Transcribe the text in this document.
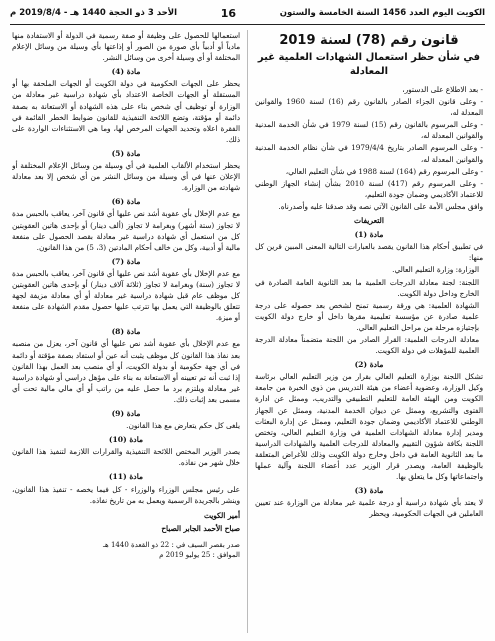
الكويت اليوم العدد 1456 السنة الخامسة والستون
16
الأحد 3 ذو الحجة 1440 هـ - 2019/8/4 م
قانون رقم (78) لسنة 2019
في شأن حظر استعمال الشهادات العلمية غير المعادلة
- بعد الاطلاع على الدستور،
- وعلى قانون الجزاء الصادر بالقانون رقم (16) لسنة 1960 والقوانين المعدلة له،
- وعلى المرسوم بالقانون رقم (15) لسنة 1979 في شأن الخدمة المدنية والقوانين المعدلة له،
- وعلى المرسوم الصادر بتاريخ 1979/4/4 في شأن نظام الخدمة المدنية والقوانين المعدلة له،
- وعلى المرسوم رقم (164) لسنة 1988 في شأن التعليم العالي،
- وعلى المرسوم رقم (417) لسنة 2010 بشأن إنشاء الجهاز الوطني للاعتماد الأكاديمي وضمان جودة التعليم،
وافق مجلس الأمة على القانون الآتي نصه وقد صدقنا عليه وأصدرناه.
التعريفات
مادة (1)
في تطبيق أحكام هذا القانون يقصد بالعبارات التالية المعنى المبين قرين كل منها:
الوزارة: وزارة التعليم العالي.
اللجنة: لجنة معادلة الدرجات العلمية ما بعد الثانوية العامة الصادرة في الخارج وداخل دولة الكويت.
الشهادة العلمية: هي ورقة رسمية تمنح لشخص بعد حصوله على درجة علمية صادرة عن مؤسسة تعليمية مقرها داخل أو خارج دولة الكويت بإجتيازه مرحلة من مراحل التعليم العالي.
معادلة الدرجات العلمية: القرار الصادر من اللجنة متضمناً معادلة الدرجة العلمية للمؤهلات في دولة الكويت.
مادة (2)
تشكل اللجنة بوزارة التعليم العالي بقرار من وزير التعليم العالي برئاسة وكيل الوزارة، وعضوية أعضاء من هيئة التدريس من ذوي الخبرة من جامعة الكويت ومن الهيئة العامة للتعليم التطبيقي والتدريب، وممثل عن ادارة الفتوى والتشريع، وممثل عن ديوان الخدمة المدنية، وممثل عن الجهاز الوطني للاعتماد الأكاديمي وضمان جودة التعليم، وممثل عن إدارة البعثات ومدير إدارة معادلة الشهادات العلمية في وزارة التعليم العالي، وتختص اللجنة بكافة شؤون التقييم والمعادلة للدرجات العلمية والشهادات الدراسية ما بعد الثانوية العامة في داخل وخارج دولة الكويت وذلك للأغراض المتعلقة بالوظيفة العامة، ويصدر قرار الوزير عدد أعضاء اللجنة وآلية عملها واجتماعاتها وكل ما يتعلق بها.
مادة (3)
لا يعتد بأي شهادة دراسية أو درجة علمية غير معادلة من الوزارة عند تعيين العاملين في الجهات الحكومية، ويحظر
استعمالها للحصول على وظيفة أو صفة رسمية في الدولة أو الاستفادة منها مادياً أو أدبياً بأي صورة من الصور أو إذاعتها بأي وسيلة من وسائل الإعلام المختلفة أو أي وسيلة أخرى من وسائل النشر.
مادة (4)
يحظر على الجهات الحكومية في دولة الكويت أو الجهات الملحقة بها أو المستقلة أو الجهات الخاصة الاعتداد بأي شهادة دراسية غير معادلة من الوزارة أو توظيف أي شخص بناء على هذه الشهادة أو الاستعانة به بصفة دائمة أو مؤقتة، وتضع اللائحة التنفيذية للقانون ضوابط الخطر القائمة في الفقرة اعلاه وتحديد الجهات المرخص لها، وما هي الاستثناءات الواردة على ذلك.
مادة (5)
يحظر استخدام الألقاب العلمية في أي وسيلة من وسائل الإعلام المختلفة أو الإعلان عنها في أي وسيلة من وسائل النشر من أي شخص إلا بعد معادلة شهادته من الوزارة.
مادة (6)
مع عدم الإخلال بأي عقوبة أشد نص عليها أي قانون آخر، يعاقب بالحبس مدة لا تجاوز (ستة أشهر) وبغرامة لا تجاوز (ألف دينار) أو بإحدى هاتين العقوبتين كل من استعمل أي شهادة دراسية غير معادلة بقصد الحصول على منفعة مالية أو أدبية، وكل من خالف أحكام المادتين (3، 5) من هذا القانون.
مادة (7)
مع عدم الإخلال بأي عقوبة أشد نص عليها أي قانون آخر، يعاقب بالحبس مدة لا تجاوز (سنة) وبغرامة لا تجاوز (ثلاثة آلاف دينار) أو بإحدى هاتين العقوبتين كل موظف عام قبل شهادة دراسية غير معادلة أو أي معادلة مزيفة لجهة تتعلق بالوظيفة التي يعمل بها تترتب عليها حصول مقدم الشهادة على منفعة أو ميزة.
مادة (8)
مع عدم الإخلال بأي عقوبة أشد نص عليها أي قانون آخر، يعزل من منصبه بعد نفاذ هذا القانون كل موظف يثبت أنه عين أو استفاد بصفة مؤقتة أو دائمة في أي جهة حكومية أو بدولة الكويت، أو أي منصب بعد العمل بهذا القانون إذا ثبت أنه تم تعيينه أو الاستعانة به بناء على مؤهل دراسي أو شهادة دراسية غير معادلة ويلتزم برد ما حصل عليه من راتب أو أي مالي مالية تحت أي مسمى بعد إثبات ذلك.
مادة (9)
يلغى كل حكم يتعارض مع هذا القانون.
مادة (10)
يصدر الوزير المختص اللائحة التنفيذية والقرارات اللازمة لتنفيذ هذا القانون خلال شهر من نفاذه.
مادة (11)
على رئيس مجلس الوزراء والوزراء - كل فيما يخصه - تنفيذ هذا القانون، وينشر بالجريدة الرسمية ويعمل به من تاريخ نفاذه.
أمير الكويت
صباح الأحمد الجابر الصباح
صدر بقصر السيف في : 22 ذو القعدة 1440 هـ
الموافق : 25 يوليو 2019 م
